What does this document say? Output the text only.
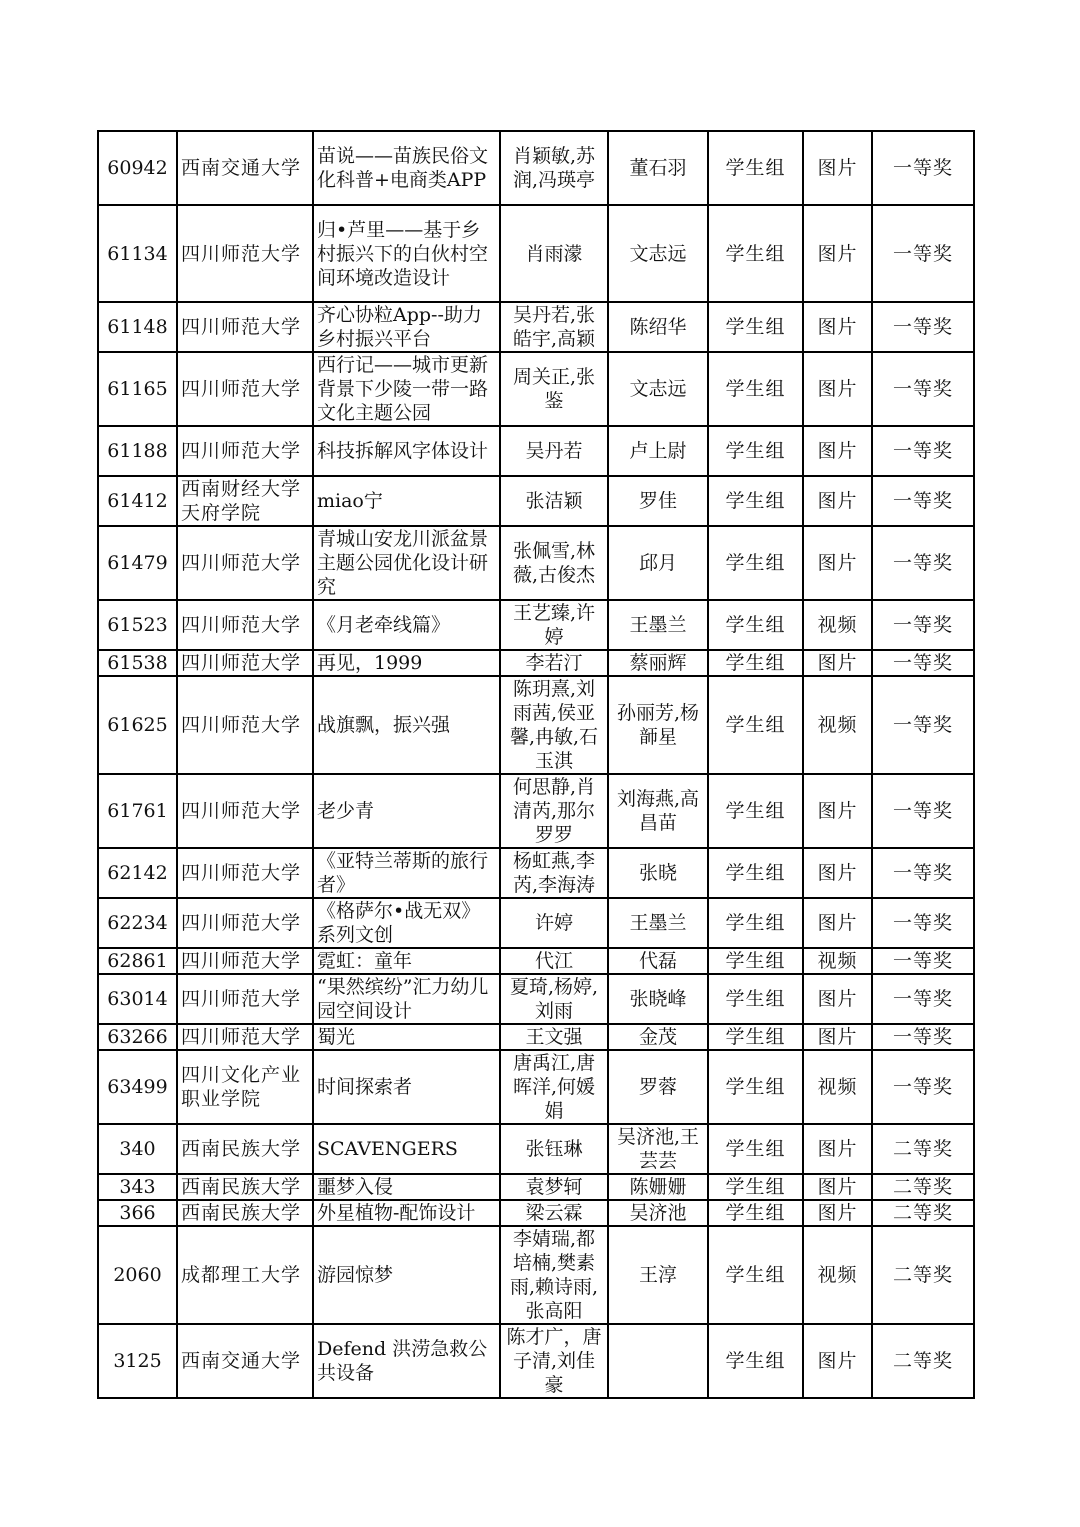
60942	西南交通大学	苗说——苗族民俗文化科普+电商类APP	肖颖敏,苏润,冯瑛亭	董石羽	学生组	图片	一等奖
61134	四川师范大学	归•芦里——基于乡村振兴下的白伙村空间环境改造设计	肖雨濛	文志远	学生组	图片	一等奖
61148	四川师范大学	齐心协粒App--助力乡村振兴平台	吴丹若,张皓宇,高颖	陈绍华	学生组	图片	一等奖
61165	四川师范大学	西行记——城市更新背景下少陵一带一路文化主题公园	周关正,张鉴	文志远	学生组	图片	一等奖
61188	四川师范大学	科技拆解风字体设计	吴丹若	卢上尉	学生组	图片	一等奖
61412	西南财经大学天府学院	miao宁	张洁颖	罗佳	学生组	图片	一等奖
61479	四川师范大学	青城山安龙川派盆景主题公园优化设计研究	张佩雪,林薇,古俊杰	邱月	学生组	图片	一等奖
61523	四川师范大学	《月老牵线篇》	王艺臻,许婷	王墨兰	学生组	视频	一等奖
61538	四川师范大学	再见，1999	李若汀	蔡丽辉	学生组	图片	一等奖
61625	四川师范大学	战旗飘，振兴强	陈玥熹,刘雨茜,侯亚馨,冉敏,石玉淇	孙丽芳,杨韴星	学生组	视频	一等奖
61761	四川师范大学	老少青	何思静,肖清芮,那尔罗罗	刘海燕,高昌苗	学生组	图片	一等奖
62142	四川师范大学	《亚特兰蒂斯的旅行者》	杨虹燕,李芮,李海涛	张晓	学生组	图片	一等奖
62234	四川师范大学	《格萨尔•战无双》系列文创	许婷	王墨兰	学生组	图片	一等奖
62861	四川师范大学	霓虹：童年	代江	代磊	学生组	视频	一等奖
63014	四川师范大学	“果然缤纷”汇力幼儿园空间设计	夏琦,杨婷,刘雨	张晓峰	学生组	图片	一等奖
63266	四川师范大学	蜀光	王文强	金茂	学生组	图片	一等奖
63499	四川文化产业职业学院	时间探索者	唐禹江,唐晖洋,何媛娟	罗蓉	学生组	视频	一等奖
340	西南民族大学	SCAVENGERS	张钰琳	吴济池,王芸芸	学生组	图片	二等奖
343	西南民族大学	噩梦入侵	袁梦轲	陈姗姗	学生组	图片	二等奖
366	西南民族大学	外星植物-配饰设计	梁云霖	吴济池	学生组	图片	二等奖
2060	成都理工大学	游园惊梦	李婧瑞,都培楠,樊素雨,赖诗雨,张高阳	王淳	学生组	视频	二等奖
3125	西南交通大学	Defend 洪涝急救公共设备	陈才广，唐子清,刘佳豪		学生组	图片	二等奖
